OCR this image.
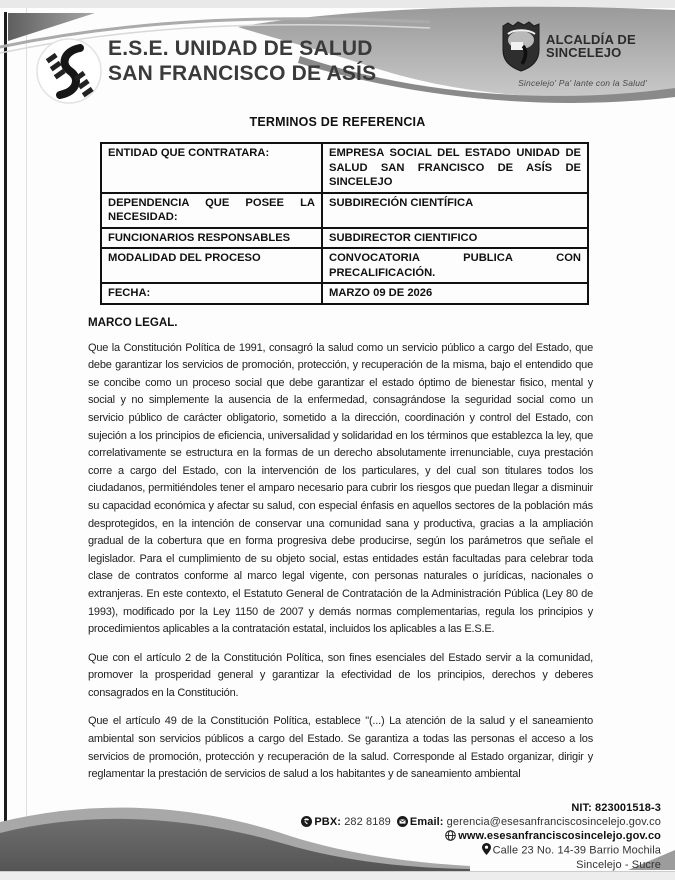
E.S.E. UNIDAD DE SALUD
SAN FRANCISCO DE ASÍS
ALCALDÍA DE
SINCELEJO
Sincelejo' Pa' lante con la Salud'
TERMINOS DE REFERENCIA
ENTIDAD QUE CONTRATARA:	EMPRESA SOCIAL DEL ESTADO UNIDAD DE SALUD SAN FRANCISCO DE ASÍS DE SINCELEJO
DEPENDENCIA QUE POSEE LA NECESIDAD:	SUBDIRECIÓN CIENTÍFICA
FUNCIONARIOS RESPONSABLES	SUBDIRECTOR CIENTIFICO
MODALIDAD DEL PROCESO	CONVOCATORIA PUBLICA CON PRECALIFICACIÓN.
FECHA:	MARZO 09 DE 2026
MARCO LEGAL.

Que la Constitución Política de 1991, consagró la salud como un servicio público a cargo del Estado, que debe garantizar los servicios de promoción, protección, y recuperación de la misma, bajo el entendido que se concibe como un proceso social que debe garantizar el estado óptimo de bienestar fisico, mental y social y no simplemente la ausencia de la enfermedad, consagrándose la seguridad social como un servicio público de carácter obligatorio, sometido a la dirección, coordinación y control del Estado, con sujeción a los principios de eficiencia, universalidad y solidaridad en los términos que establezca la ley, que correlativamente se estructura en la formas de un derecho absolutamente irrenunciable, cuya prestación corre a cargo del Estado, con la intervención de los particulares, y del cual son titulares todos los ciudadanos, permitiéndoles tener el amparo necesario para cubrir los riesgos que puedan llegar a disminuir su capacidad económica y afectar su salud, con especial énfasis en aquellos sectores de la población más desprotegidos, en la intención de conservar una comunidad sana y productiva, gracias a la ampliación gradual de la cobertura que en forma progresiva debe producirse, según los parámetros que señale el legislador. Para el cumplimiento de su objeto social, estas entidades están facultadas para celebrar toda clase de contratos conforme al marco legal vigente, con personas naturales o jurídicas, nacionales o extranjeras. En este contexto, el Estatuto General de Contratación de la Administración Pública (Ley 80 de 1993), modificado por la Ley 1150 de 2007 y demás normas complementarias, regula los principios y procedimientos aplicables a la contratación estatal, incluidos los aplicables a las E.S.E.

Que con el artículo 2 de la Constitución Política, son fines esenciales del Estado servir a la comunidad, promover la prosperidad general y garantizar la efectividad de los principios, derechos y deberes consagrados en la Constitución.

Que el artículo 49 de la Constitución Política, establece "(...) La atención de la salud y el saneamiento ambiental son servicios públicos a cargo del Estado. Se garantiza a todas las personas el acceso a los servicios de promoción, protección y recuperación de la salud. Corresponde al Estado organizar, dirigir y reglamentar la prestación de servicios de salud a los habitantes y de saneamiento ambiental

NIT: 823001518-3
PBX: 282 8189 Email: gerencia@esesanfranciscosincelejo.gov.co
www.esesanfranciscosincelejo.gov.co
Calle 23 No. 14-39 Barrio Mochila
Sincelejo - Sucre
